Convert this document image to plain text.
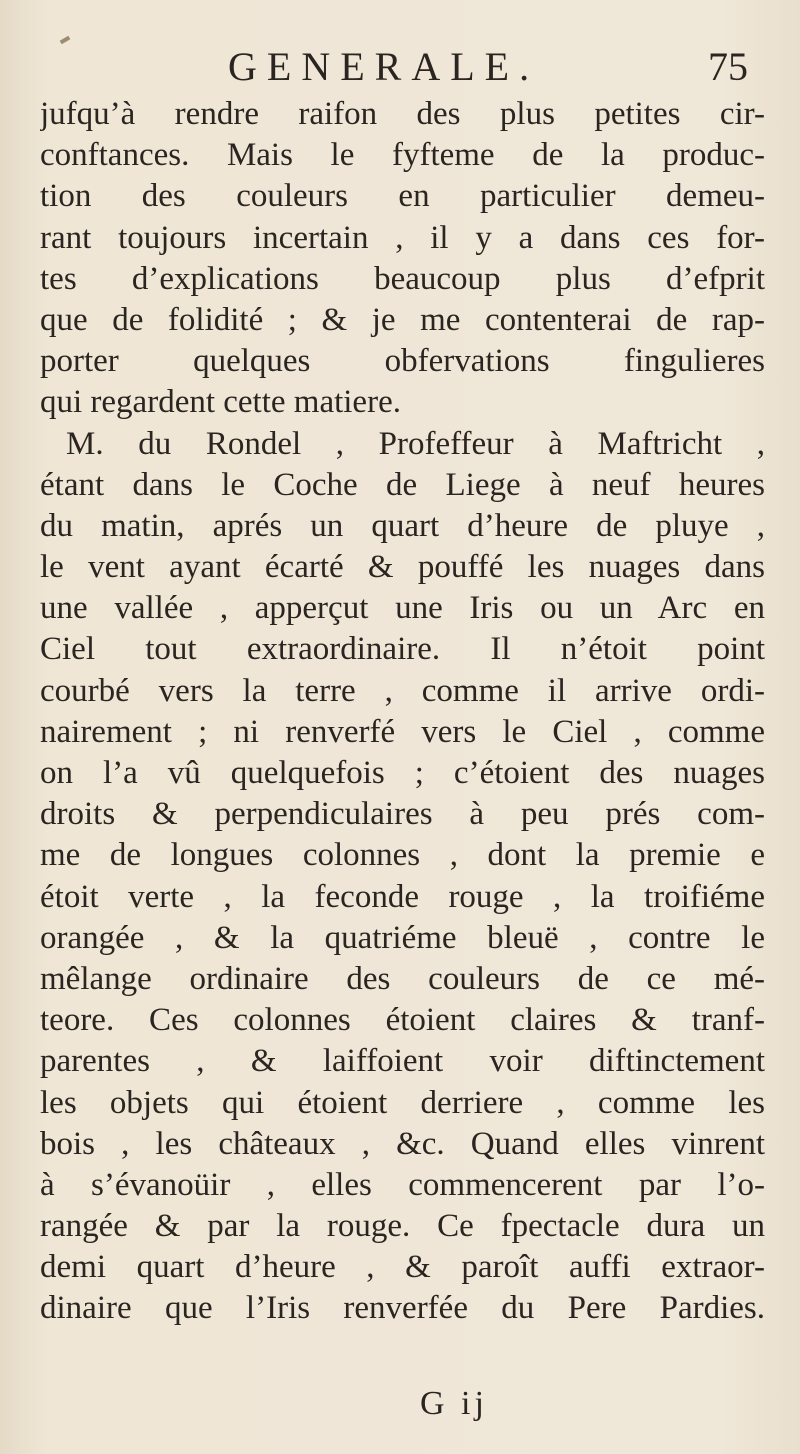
GENERALE.	75
jufqu’à rendre raifon des plus petites cir-
conftances. Mais le fyfteme de la produc-
tion des couleurs en particulier demeu-
rant toujours incertain , il y a dans ces for-
tes d’explications beaucoup plus d’efprit
que de folidité ; & je me contenterai de rap-
porter quelques obfervations fingulieres
qui regardent cette matiere.
M. du Rondel , Profeffeur à Maftricht ,
étant dans le Coche de Liege à neuf heures
du matin, aprés un quart d’heure de pluye ,
le vent ayant écarté & pouffé les nuages dans
une vallée , apperçut une Iris ou un Arc en
Ciel tout extraordinaire. Il n’étoit point
courbé vers la terre , comme il arrive ordi-
nairement ; ni renverfé vers le Ciel , comme
on l’a vû quelquefois ; c’étoient des nuages
droits & perpendiculaires à peu prés com-
me de longues colonnes , dont la premie e
étoit verte , la feconde rouge , la troifiéme
orangée , & la quatriéme bleuë , contre le
mêlange ordinaire des couleurs de ce mé-
teore. Ces colonnes étoient claires & tranf-
parentes , & laiffoient voir diftinctement
les objets qui étoient derriere , comme les
bois , les châteaux , &c. Quand elles vinrent
à s’évanoüir , elles commencerent par l’o-
rangée & par la rouge. Ce fpectacle dura un
demi quart d’heure , & paroît auffi extraor-
dinaire que l’Iris renverfée du Pere Pardies.
G ij
